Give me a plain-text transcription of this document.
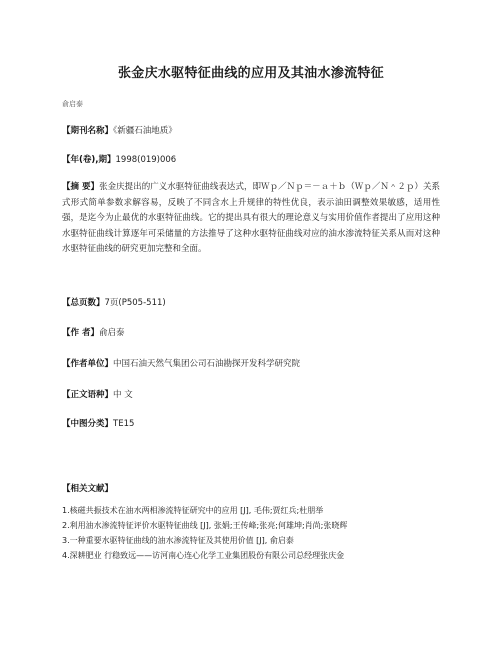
张金庆水驱特征曲线的应用及其油水渗流特征
俞启泰
【期刊名称】《新疆石油地质》
【年(卷),期】1998(019)006
【摘 要】张金庆提出的广义水驱特征曲线表达式，即Ｗｐ／Ｎｐ＝－ａ＋ｂ（Ｗｐ／Ｎ＾２ｐ）关系式形式简单参数求解容易，反映了不同含水上升规律的特性优良，表示油田调整效果敏感，适用性强，是迄今为止最优的水驱特征曲线。它的提出具有很大的理论意义与实用价值作者提出了应用这种水驱特征曲线计算逐年可采储量的方法推导了这种水驱特征曲线对应的油水渗流特征关系从而对这种水驱特征曲线的研究更加完整和全面。
【总页数】7页(P505-511)
【作 者】俞启泰
【作者单位】中国石油天然气集团公司石油勘探开发科学研究院
【正文语种】中 文
【中图分类】TE15
【相关文献】
1.核磁共振技术在油水两相渗流特征研究中的应用 [J], 毛伟;贾红兵;杜朋举
2.利用油水渗流特征评价水驱特征曲线 [J], 张娟;王传峰;张亮;何雄坤;肖尚;张晓辉
3.一种重要水驱特征曲线的油水渗流特征及其使用价值 [J], 俞启泰
4.深耕肥业 行稳致远——访河南心连心化学工业集团股份有限公司总经理张庆金
